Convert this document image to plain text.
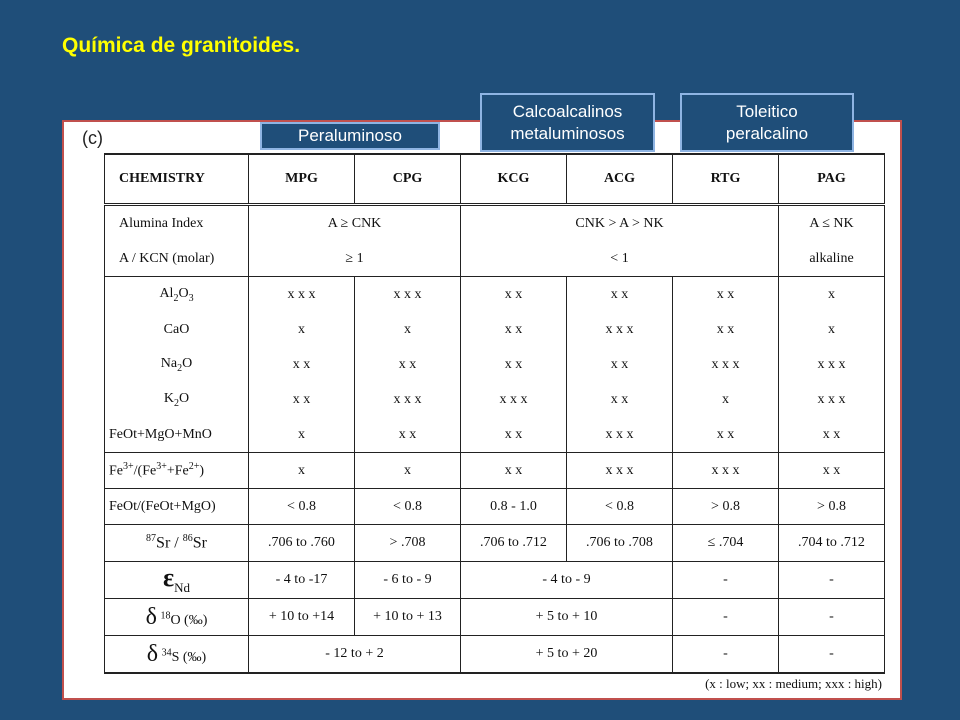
Química de granitoides.
(c)
(x : low; xx : medium; xxx : high)
Peraluminoso
Calcoalcalinos
metaluminosos
Toleitico
peralcalino
CHEMISTRY	MPG	CPG	KCG	ACG	RTG	PAG
Alumina Index	A ≥ CNK		CNK > A > NK			A ≤ NK
A / KCN (molar)	≥ 1		< 1			alkaline
$Al_2O_3$	x x x	x x x	x x	x x	x x	x
CaO	x	x	x x	x x x	x x	x
$Na_2O$	x x	x x	x x	x x	x x x	x x x
$K_2O$	x x	x x x	x x x	x x	x	x x x
FeOt+MgO+MnO	x	x x	x x	x x x	x x	x x
$Fe^{3+}/(Fe^{3+}+Fe^{2+})$	x	x	x x	x x x	x x x	x x
FeOt/(FeOt+MgO)	< 0.8	< 0.8	0.8 - 1.0	< 0.8	> 0.8	> 0.8
$^{87}$Sr / $^{86}$Sr	.706 to .760	> .708	.706 to .712	.706 to .708	≤ .704	.704 to .712
$\varepsilon_{Nd}$	- 4 to -17	- 6 to - 9	- 4 to - 9		-	-
δ $^{18}$O (‰)	+ 10 to +14	+ 10 to + 13	+ 5 to + 10		-	-
δ $^{34}$S (‰)	- 12 to + 2		+ 5 to + 20		-	-
